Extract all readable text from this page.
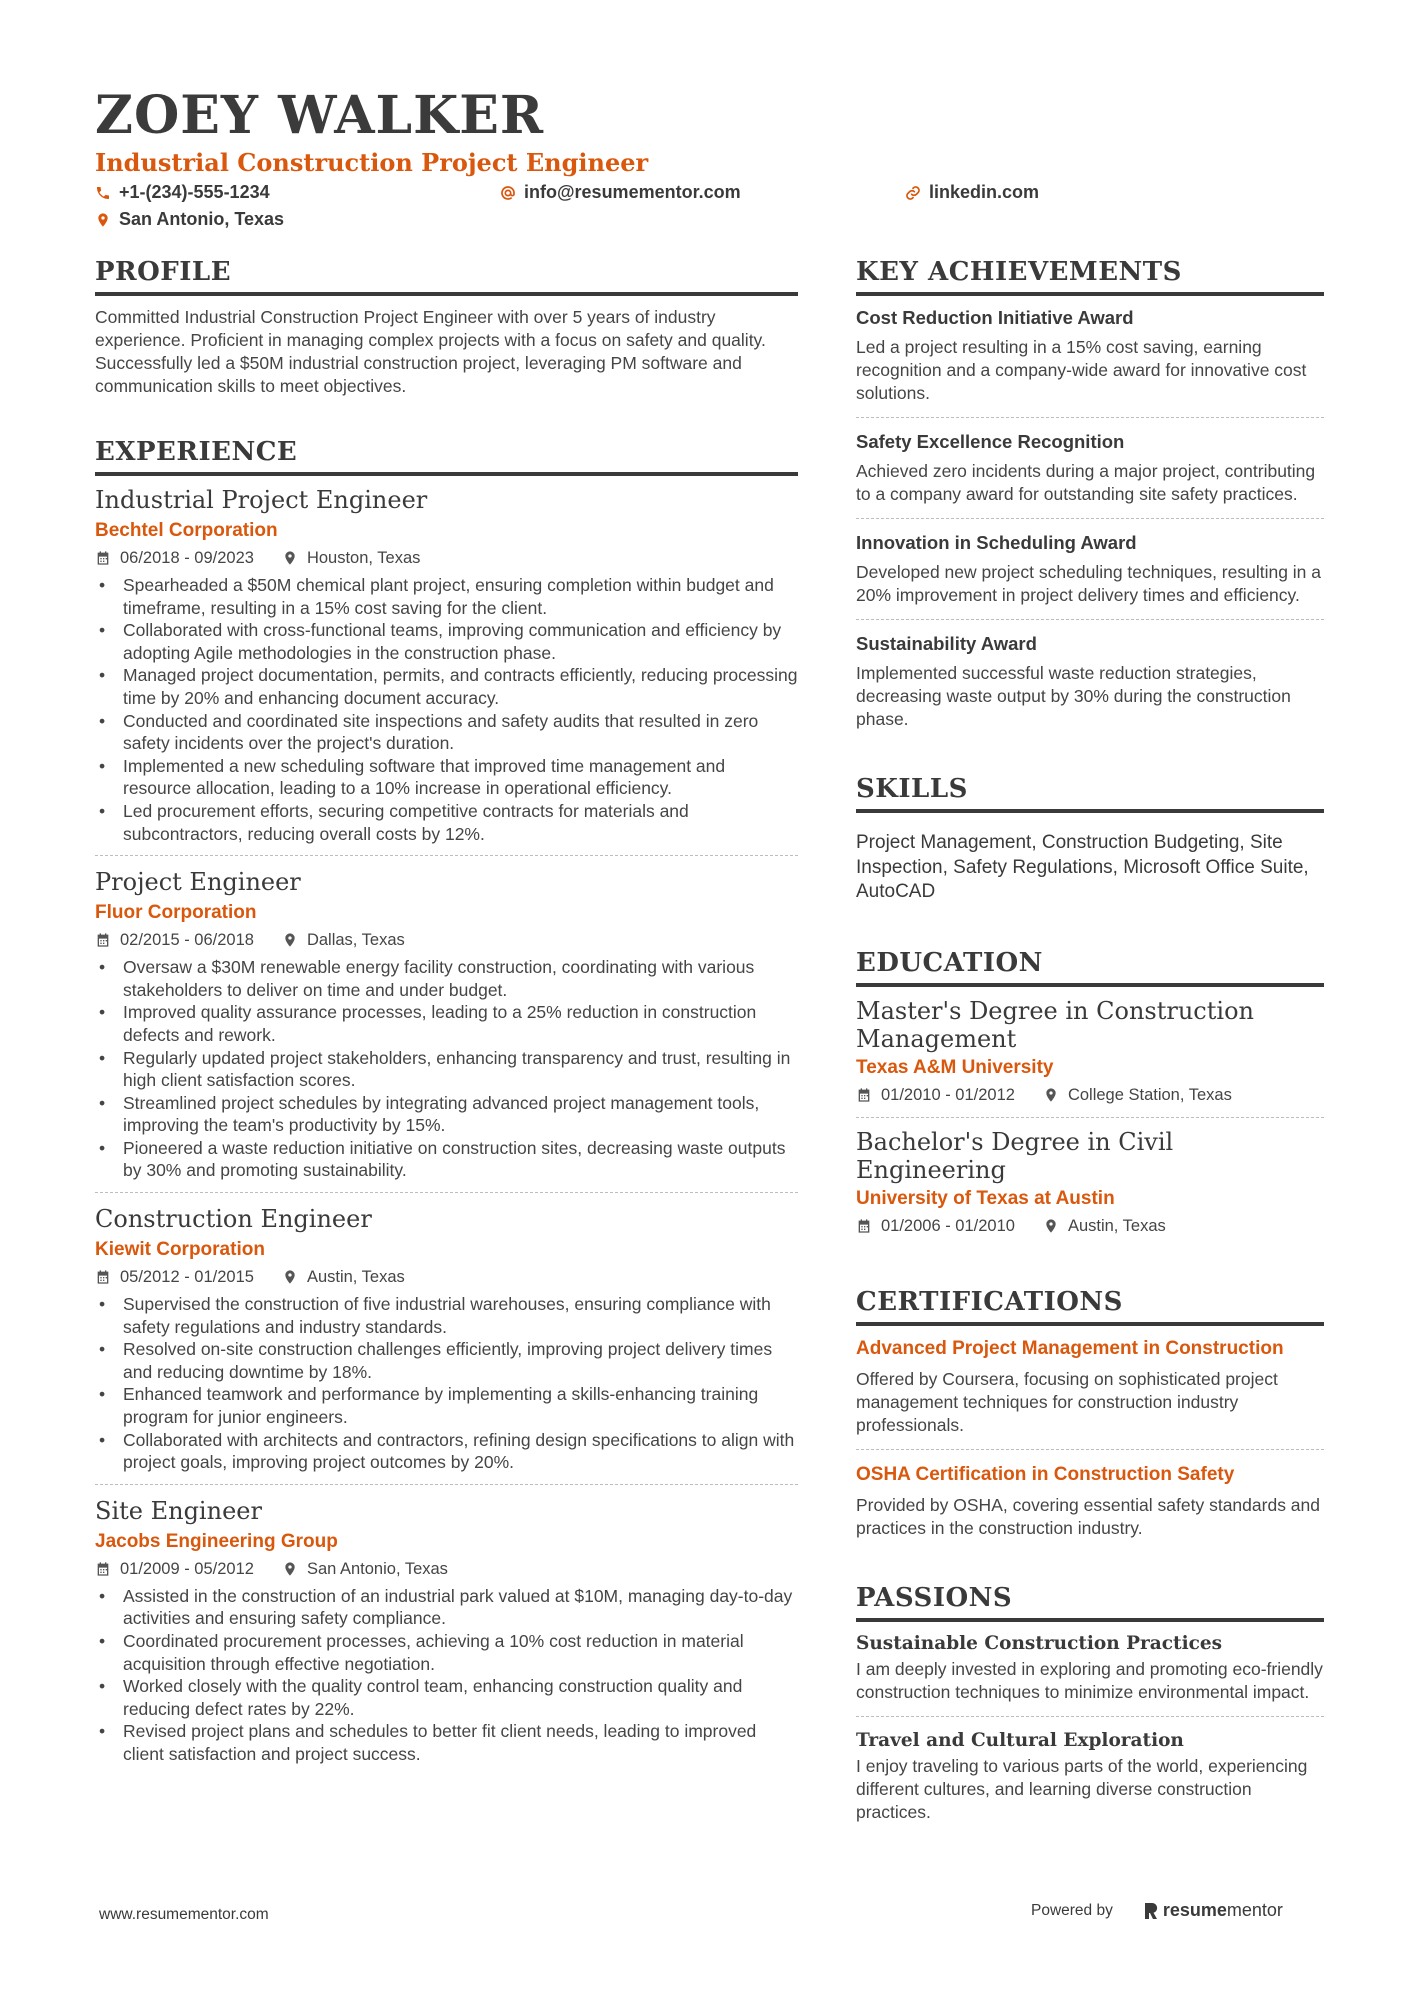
ZOEY WALKER
Industrial Construction Project Engineer
+1-(234)-555-1234	info@resumementor.com	linkedin.com
San Antonio, Texas
PROFILE
Committed Industrial Construction Project Engineer with over 5 years of industry experience. Proficient in managing complex projects with a focus on safety and quality. Successfully led a $50M industrial construction project, leveraging PM software and communication skills to meet objectives.
EXPERIENCE
Industrial Project Engineer
Bechtel Corporation
06/2018 - 09/2023	Houston, Texas
• Spearheaded a $50M chemical plant project, ensuring completion within budget and timeframe, resulting in a 15% cost saving for the client.
• Collaborated with cross-functional teams, improving communication and efficiency by adopting Agile methodologies in the construction phase.
• Managed project documentation, permits, and contracts efficiently, reducing processing time by 20% and enhancing document accuracy.
• Conducted and coordinated site inspections and safety audits that resulted in zero safety incidents over the project's duration.
• Implemented a new scheduling software that improved time management and resource allocation, leading to a 10% increase in operational efficiency.
• Led procurement efforts, securing competitive contracts for materials and subcontractors, reducing overall costs by 12%.
Project Engineer
Fluor Corporation
02/2015 - 06/2018	Dallas, Texas
• Oversaw a $30M renewable energy facility construction, coordinating with various stakeholders to deliver on time and under budget.
• Improved quality assurance processes, leading to a 25% reduction in construction defects and rework.
• Regularly updated project stakeholders, enhancing transparency and trust, resulting in high client satisfaction scores.
• Streamlined project schedules by integrating advanced project management tools, improving the team's productivity by 15%.
• Pioneered a waste reduction initiative on construction sites, decreasing waste outputs by 30% and promoting sustainability.
Construction Engineer
Kiewit Corporation
05/2012 - 01/2015	Austin, Texas
• Supervised the construction of five industrial warehouses, ensuring compliance with safety regulations and industry standards.
• Resolved on-site construction challenges efficiently, improving project delivery times and reducing downtime by 18%.
• Enhanced teamwork and performance by implementing a skills-enhancing training program for junior engineers.
• Collaborated with architects and contractors, refining design specifications to align with project goals, improving project outcomes by 20%.
Site Engineer
Jacobs Engineering Group
01/2009 - 05/2012	San Antonio, Texas
• Assisted in the construction of an industrial park valued at $10M, managing day-to-day activities and ensuring safety compliance.
• Coordinated procurement processes, achieving a 10% cost reduction in material acquisition through effective negotiation.
• Worked closely with the quality control team, enhancing construction quality and reducing defect rates by 22%.
• Revised project plans and schedules to better fit client needs, leading to improved client satisfaction and project success.
KEY ACHIEVEMENTS
Cost Reduction Initiative Award
Led a project resulting in a 15% cost saving, earning recognition and a company-wide award for innovative cost solutions.
Safety Excellence Recognition
Achieved zero incidents during a major project, contributing to a company award for outstanding site safety practices.
Innovation in Scheduling Award
Developed new project scheduling techniques, resulting in a 20% improvement in project delivery times and efficiency.
Sustainability Award
Implemented successful waste reduction strategies, decreasing waste output by 30% during the construction phase.
SKILLS
Project Management, Construction Budgeting, Site Inspection, Safety Regulations, Microsoft Office Suite, AutoCAD
EDUCATION
Master's Degree in Construction Management
Texas A&M University
01/2010 - 01/2012	College Station, Texas
Bachelor's Degree in Civil Engineering
University of Texas at Austin
01/2006 - 01/2010	Austin, Texas
CERTIFICATIONS
Advanced Project Management in Construction
Offered by Coursera, focusing on sophisticated project management techniques for construction industry professionals.
OSHA Certification in Construction Safety
Provided by OSHA, covering essential safety standards and practices in the construction industry.
PASSIONS
Sustainable Construction Practices
I am deeply invested in exploring and promoting eco-friendly construction techniques to minimize environmental impact.
Travel and Cultural Exploration
I enjoy traveling to various parts of the world, experiencing different cultures, and learning diverse construction practices.
www.resumementor.com	Powered by	resumementor
